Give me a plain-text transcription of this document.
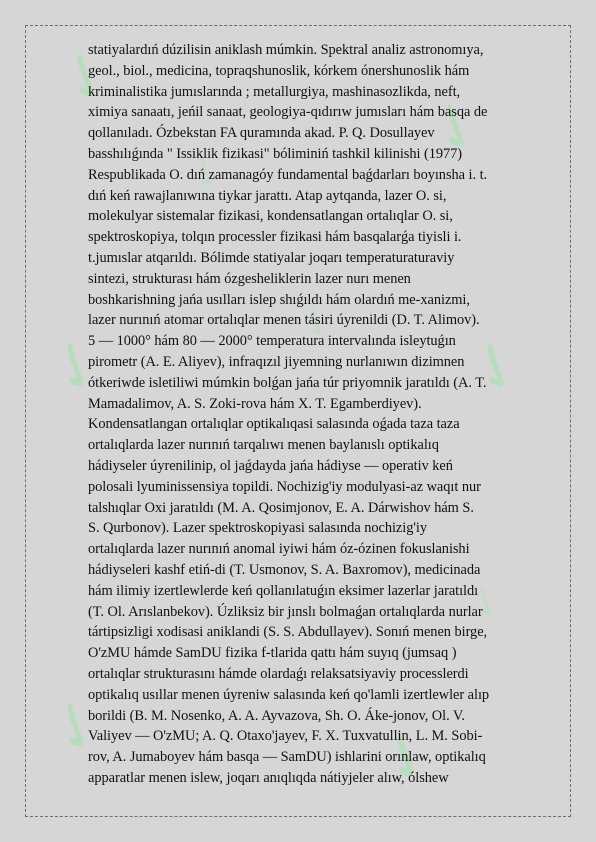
✓
✓
✓
✓
✓
✓
✓	✓
✓
statiyalardıń dúzilisin aniklash múmkin. Spektral analiz astronomıya,
geol., biol., medicina, topraqshunoslik, kórkem ónershunoslik hám
kriminalistika jumıslarında ; metallurgiya, mashinasozlikda, neft,
ximiya sanaatı, jeńil sanaat, geologiya-qıdırıw jumısları hám basqa de
qollanıladı. Ózbekstan FA quramında akad. P. Q. Dosullayev
basshılıǵında " Issiklik fizikasi" bóliminiń tashkil kilinishi (1977)
Respublikada O. dıń zamanagóy fundamental baǵdarları boyınsha i. t.
dıń keń rawajlanıwına tiykar jarattı. Atap aytqanda, lazer O. si,
molekulyar sistemalar fizikasi, kondensatlangan ortalıqlar O. si,
spektroskopiya, tolqın processler fizikasi hám basqalarǵa tiyisli i.
t.jumıslar atqarıldı. Bólimde statiyalar joqarı temperaturaturaviy
sintezi, strukturası hám ózgesheliklerin lazer nurı menen
boshkarishning jańa usılları islep shıǵıldı hám olardıń me-xanizmi,
lazer nurınıń atomar ortalıqlar menen tásiri úyrenildi (D. T. Alimov).
5 — 1000° hám 80 — 2000° temperatura intervalında isleytuǵın
pirometr (A. E. Aliyev), infraqızıl jiyemning nurlanıwın dizimnen
ótkeriwde isletiliwi múmkin bolǵan jańa túr priyomnik jaratıldı (A. T.
Mamadalimov, A. S. Zoki-rova hám X. T. Egamberdiyev).
Kondensatlangan ortalıqlar optikalıqasi salasında oǵada taza taza
ortalıqlarda lazer nurınıń tarqalıwı menen baylanıslı optikalıq
hádiyseler úyrenilinip, ol jaǵdayda jańa hádiyse — operativ keń
polosali lyuminissensiya topildi. Nochizig'iy modulyasi-az waqıt nur
talshıqlar Oxi jaratıldı (M. A. Qosimjonov, E. A. Dárwishov hám S.
S. Qurbonov). Lazer spektroskopiyasi salasında nochizig'iy
ortalıqlarda lazer nurınıń anomal iyiwi hám óz-ózinen fokuslanishi
hádiyseleri kashf etiń-di (T. Usmonov, S. A. Baxromov), medicinada
hám ilimiy izertlewlerde keń qollanılatuǵın eksimer lazerlar jaratıldı
(T. Ol. Arıslanbekov). Úzliksiz bir jınslı bolmaǵan ortalıqlarda nurlar
tártipsizligi xodisasi aniklandi (S. S. Abdullayev). Sonıń menen birge,
O'zMU hámde SamDU fizika f-tlarida qattı hám suyıq (jumsaq )
ortalıqlar strukturasını hámde olardaǵı relaksatsiyaviy processlerdi
optikalıq usıllar menen úyreniw salasında keń qo'lamli izertlewler alıp
borildi (B. M. Nosenko, A. A. Ayvazova, Sh. O. Áke-jonov, Ol. V.
Valiyev — O'zMU; A. Q. Otaxo'jayev, F. X. Tuxvatullin, L. M. Sobi-
rov, A. Jumaboyev hám basqa — SamDU) ishlarini orınlaw, optikalıq
apparatlar menen islew, joqarı anıqlıqda nátiyjeler alıw, ólshew
